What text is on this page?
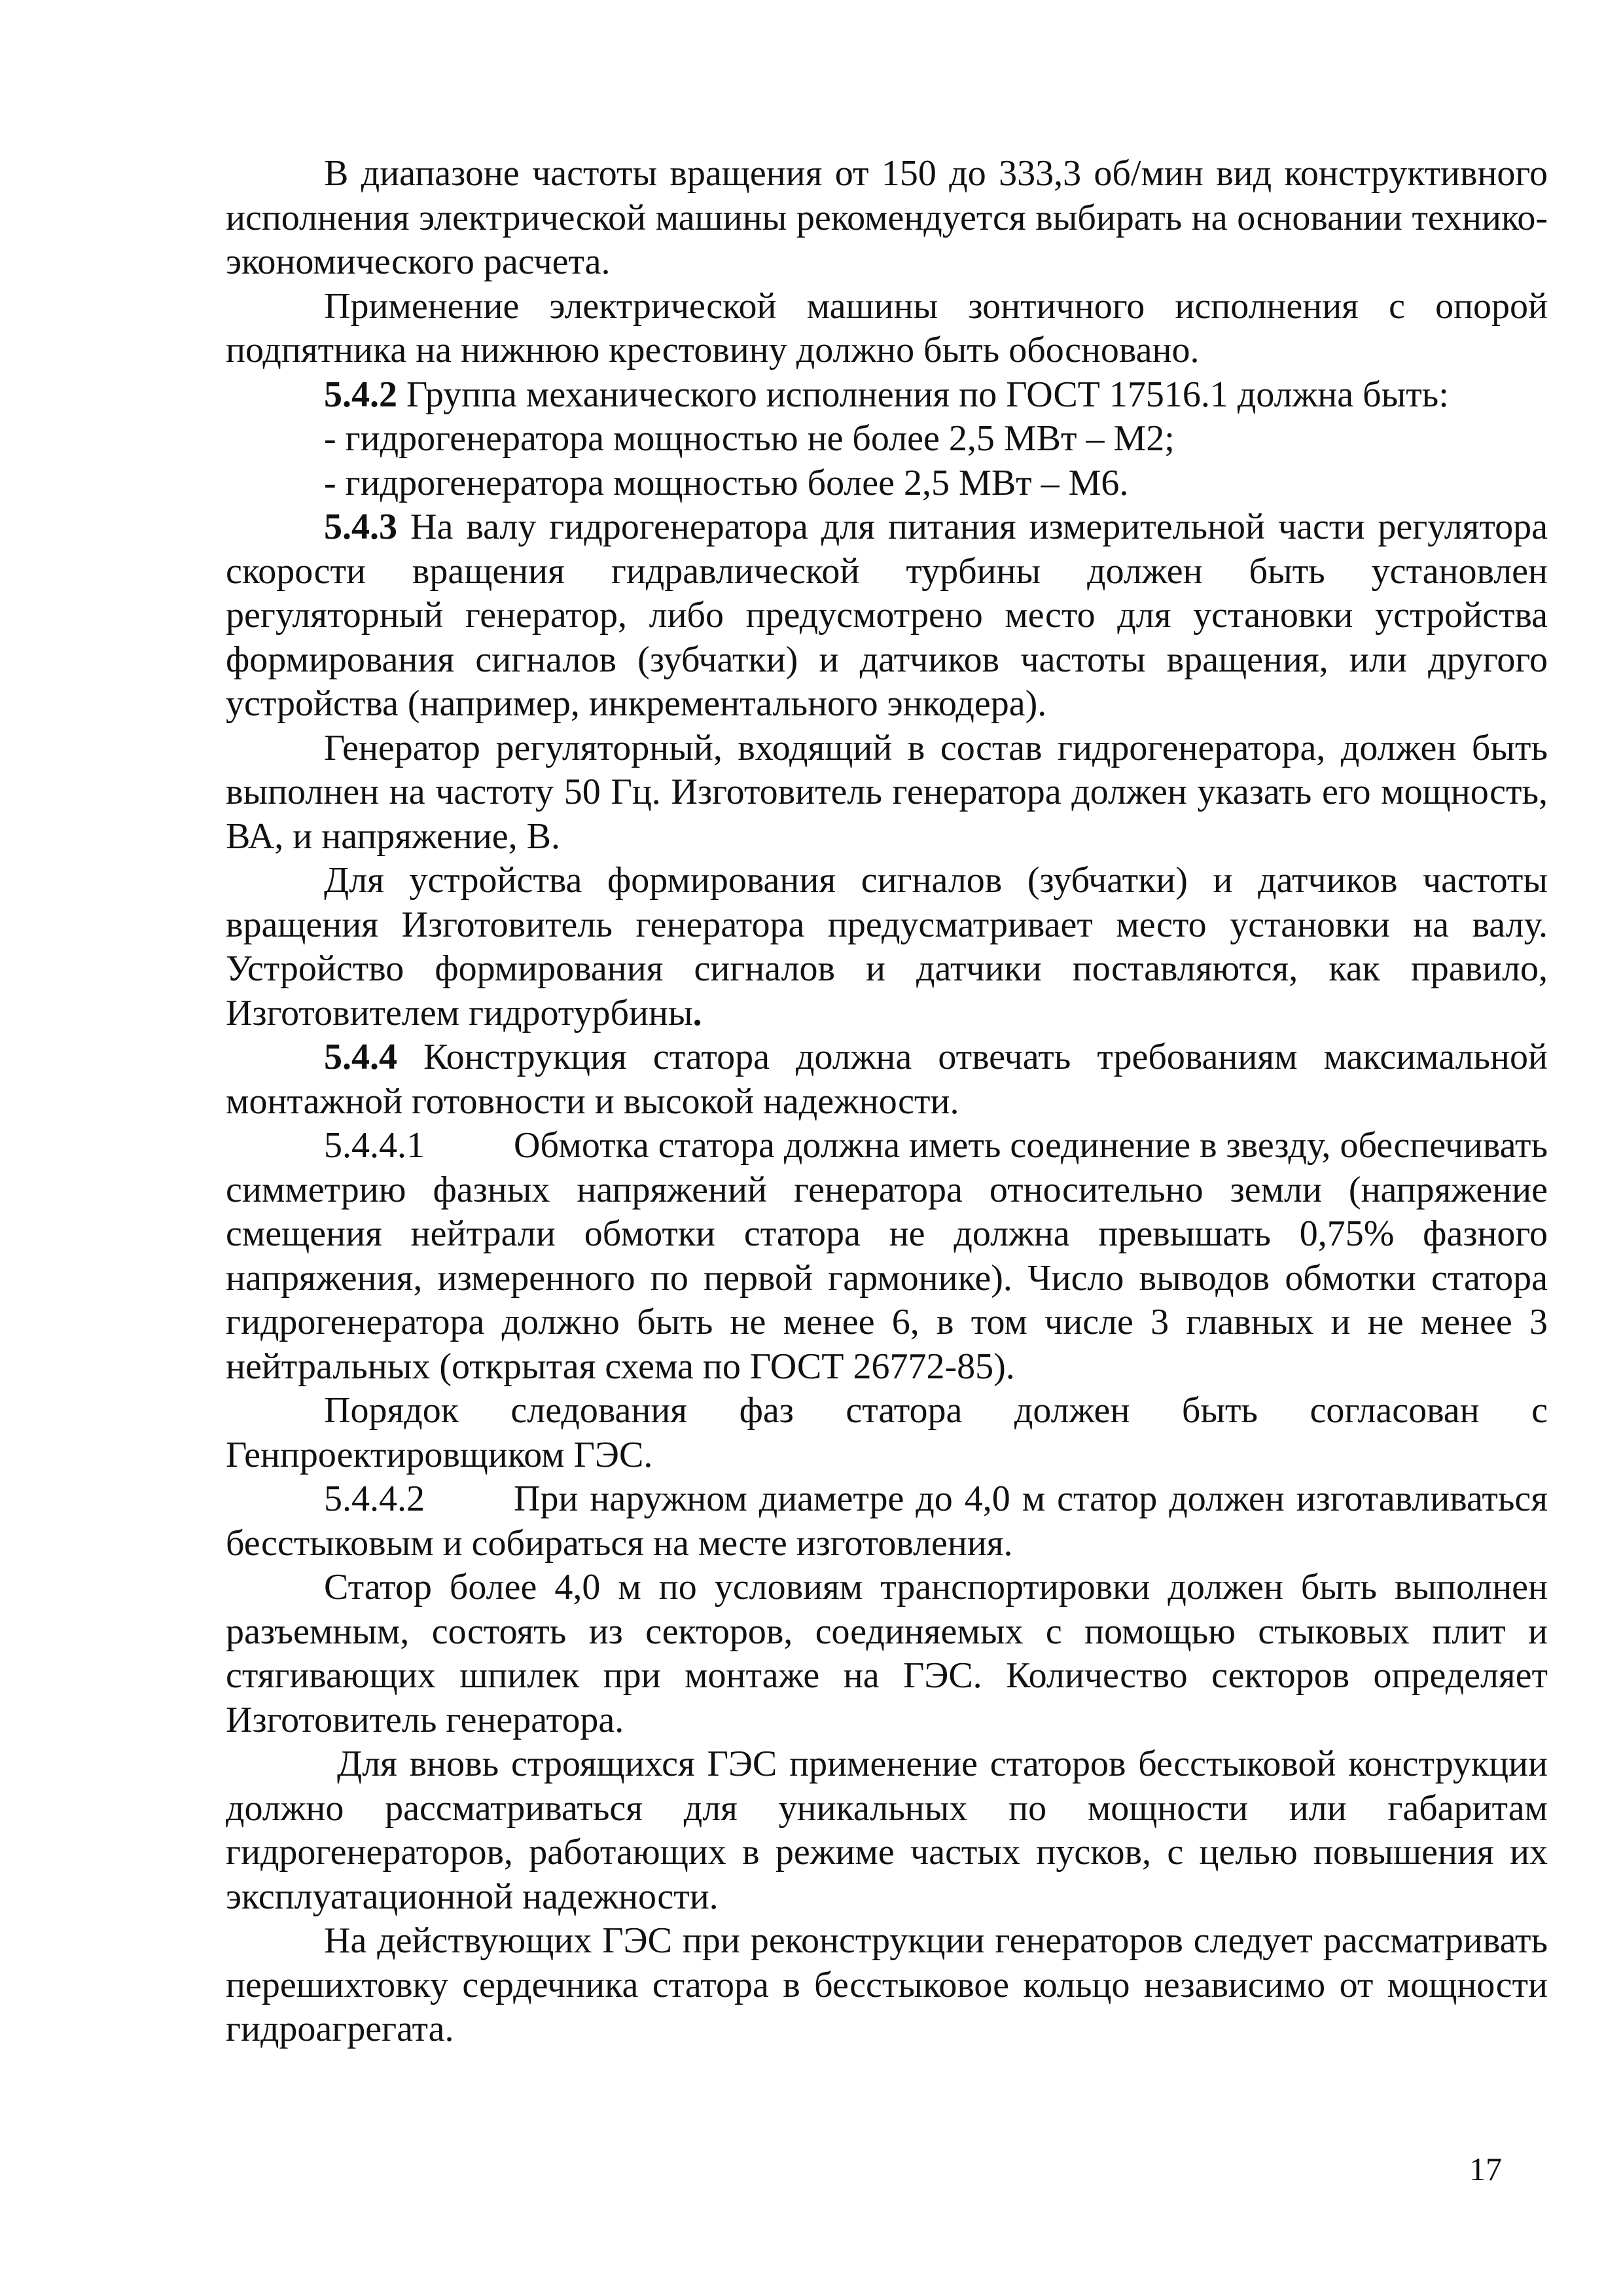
В диапазоне частоты вращения от 150 до 333,3 об/мин вид конструктивного исполнения электрической машины рекомендуется выбирать на основании технико-экономического расчета.

Применение электрической машины зонтичного исполнения с опорой подпятника на нижнюю крестовину должно быть обосновано.

5.4.2 Группа механического исполнения по ГОСТ 17516.1 должна быть:

- гидрогенератора мощностью не более 2,5 МВт – М2;

- гидрогенератора мощностью более 2,5 МВт – М6.

5.4.3 На валу гидрогенератора для питания измерительной части регулятора скорости вращения гидравлической турбины должен быть установлен регуляторный генератор, либо предусмотрено место для установки устройства формирования сигналов (зубчатки) и датчиков частоты вращения, или другого устройства (например, инкрементального энкодера).

Генератор регуляторный, входящий в состав гидрогенератора, должен быть выполнен на частоту 50 Гц. Изготовитель генератора должен указать его мощность, ВА, и напряжение, В.

Для устройства формирования сигналов (зубчатки) и датчиков частоты вращения Изготовитель генератора предусматривает место установки на валу. Устройство формирования сигналов и датчики поставляются, как правило, Изготовителем гидротурбины.

5.4.4 Конструкция статора должна отвечать требованиям максимальной монтажной готовности и высокой надежности.

5.4.4.1 Обмотка статора должна иметь соединение в звезду, обеспечивать симметрию фазных напряжений генератора относительно земли (напряжение смещения нейтрали обмотки статора не должна превышать 0,75% фазного напряжения, измеренного по первой гармонике). Число выводов обмотки статора гидрогенератора должно быть не менее 6, в том числе 3 главных и не менее 3 нейтральных (открытая схема по ГОСТ 26772-85).

Порядок следования фаз статора должен быть согласован с Генпроектировщиком ГЭС.

5.4.4.2 При наружном диаметре до 4,0 м статор должен изготавливаться бесстыковым и собираться на месте изготовления.

Статор более 4,0 м по условиям транспортировки должен быть выполнен разъемным, состоять из секторов, соединяемых с помощью стыковых плит и стягивающих шпилек при монтаже на ГЭС. Количество секторов определяет Изготовитель генератора.

Для вновь строящихся ГЭС применение статоров бесстыковой конструкции должно рассматриваться для уникальных по мощности или габаритам гидрогенераторов, работающих в режиме частых пусков, с целью повышения их эксплуатационной надежности.

На действующих ГЭС при реконструкции генераторов следует рассматривать перешихтовку сердечника статора в бесстыковое кольцо независимо от мощности гидроагрегата.

17
